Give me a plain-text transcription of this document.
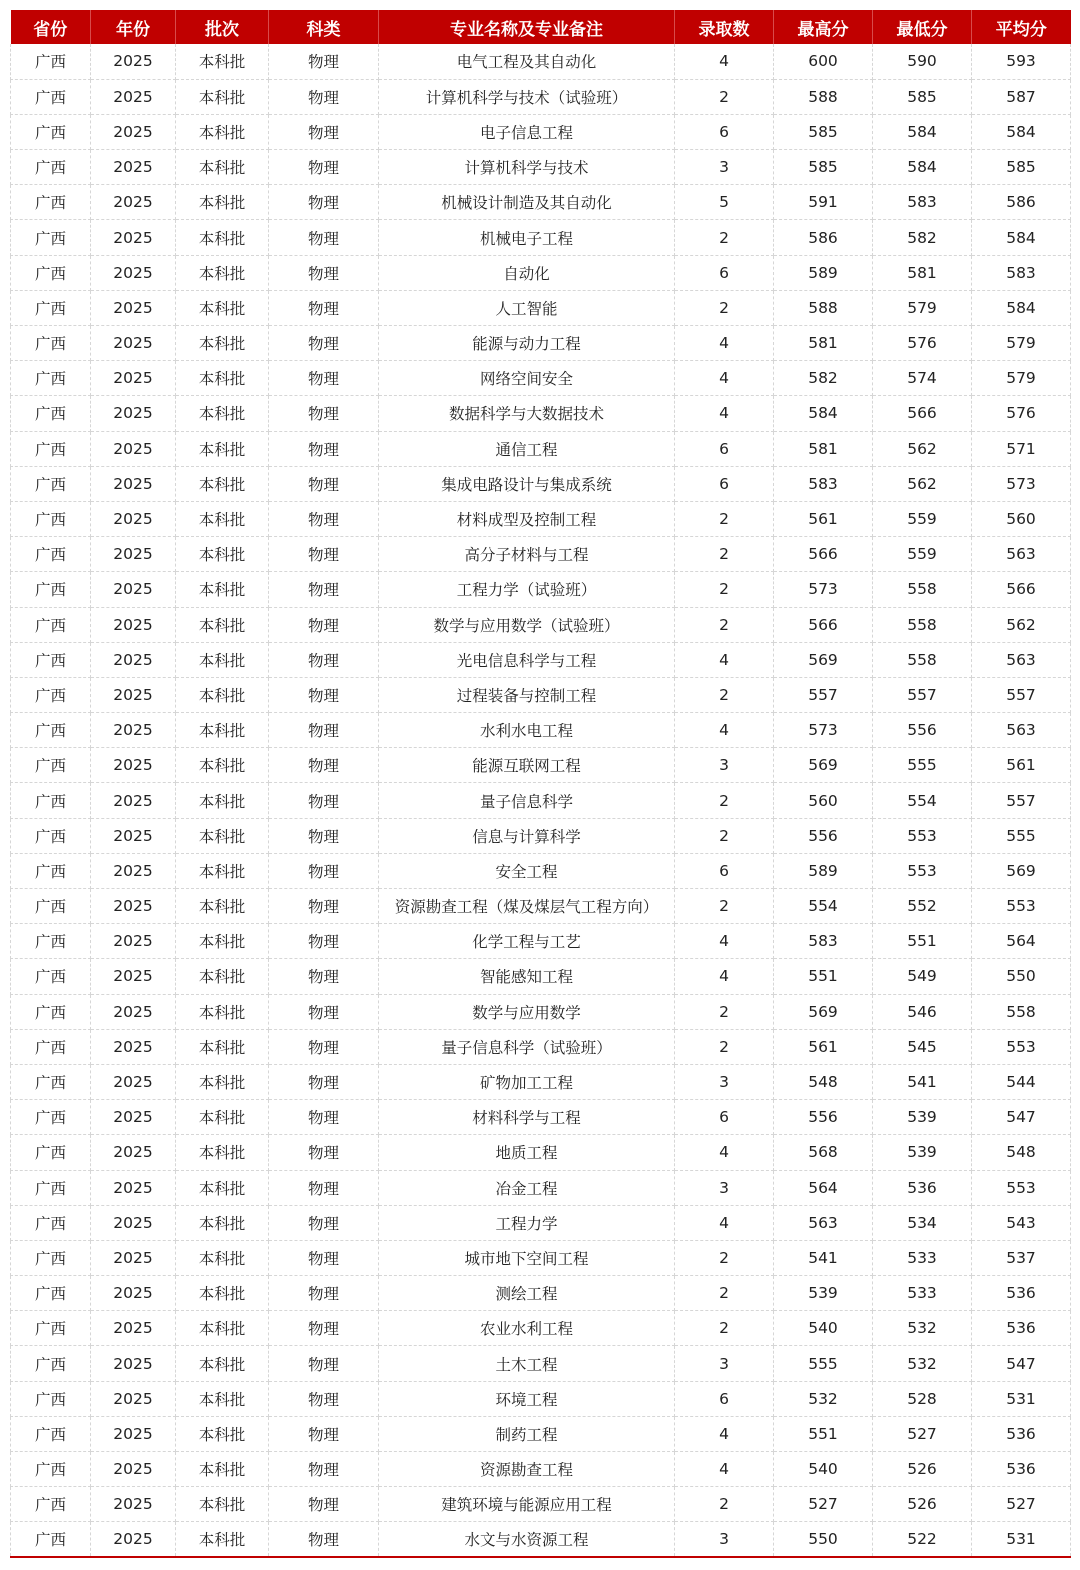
省份	年份	批次	科类	专业名称及专业备注	录取数	最高分	最低分	平均分
广西	2025	本科批	物理	电气工程及其自动化	4	600	590	593
广西	2025	本科批	物理	计算机科学与技术（试验班）	2	588	585	587
广西	2025	本科批	物理	电子信息工程	6	585	584	584
广西	2025	本科批	物理	计算机科学与技术	3	585	584	585
广西	2025	本科批	物理	机械设计制造及其自动化	5	591	583	586
广西	2025	本科批	物理	机械电子工程	2	586	582	584
广西	2025	本科批	物理	自动化	6	589	581	583
广西	2025	本科批	物理	人工智能	2	588	579	584
广西	2025	本科批	物理	能源与动力工程	4	581	576	579
广西	2025	本科批	物理	网络空间安全	4	582	574	579
广西	2025	本科批	物理	数据科学与大数据技术	4	584	566	576
广西	2025	本科批	物理	通信工程	6	581	562	571
广西	2025	本科批	物理	集成电路设计与集成系统	6	583	562	573
广西	2025	本科批	物理	材料成型及控制工程	2	561	559	560
广西	2025	本科批	物理	高分子材料与工程	2	566	559	563
广西	2025	本科批	物理	工程力学（试验班）	2	573	558	566
广西	2025	本科批	物理	数学与应用数学（试验班）	2	566	558	562
广西	2025	本科批	物理	光电信息科学与工程	4	569	558	563
广西	2025	本科批	物理	过程装备与控制工程	2	557	557	557
广西	2025	本科批	物理	水利水电工程	4	573	556	563
广西	2025	本科批	物理	能源互联网工程	3	569	555	561
广西	2025	本科批	物理	量子信息科学	2	560	554	557
广西	2025	本科批	物理	信息与计算科学	2	556	553	555
广西	2025	本科批	物理	安全工程	6	589	553	569
广西	2025	本科批	物理	资源勘查工程（煤及煤层气工程方向）	2	554	552	553
广西	2025	本科批	物理	化学工程与工艺	4	583	551	564
广西	2025	本科批	物理	智能感知工程	4	551	549	550
广西	2025	本科批	物理	数学与应用数学	2	569	546	558
广西	2025	本科批	物理	量子信息科学（试验班）	2	561	545	553
广西	2025	本科批	物理	矿物加工工程	3	548	541	544
广西	2025	本科批	物理	材料科学与工程	6	556	539	547
广西	2025	本科批	物理	地质工程	4	568	539	548
广西	2025	本科批	物理	冶金工程	3	564	536	553
广西	2025	本科批	物理	工程力学	4	563	534	543
广西	2025	本科批	物理	城市地下空间工程	2	541	533	537
广西	2025	本科批	物理	测绘工程	2	539	533	536
广西	2025	本科批	物理	农业水利工程	2	540	532	536
广西	2025	本科批	物理	土木工程	3	555	532	547
广西	2025	本科批	物理	环境工程	6	532	528	531
广西	2025	本科批	物理	制药工程	4	551	527	536
广西	2025	本科批	物理	资源勘查工程	4	540	526	536
广西	2025	本科批	物理	建筑环境与能源应用工程	2	527	526	527
广西	2025	本科批	物理	水文与水资源工程	3	550	522	531
